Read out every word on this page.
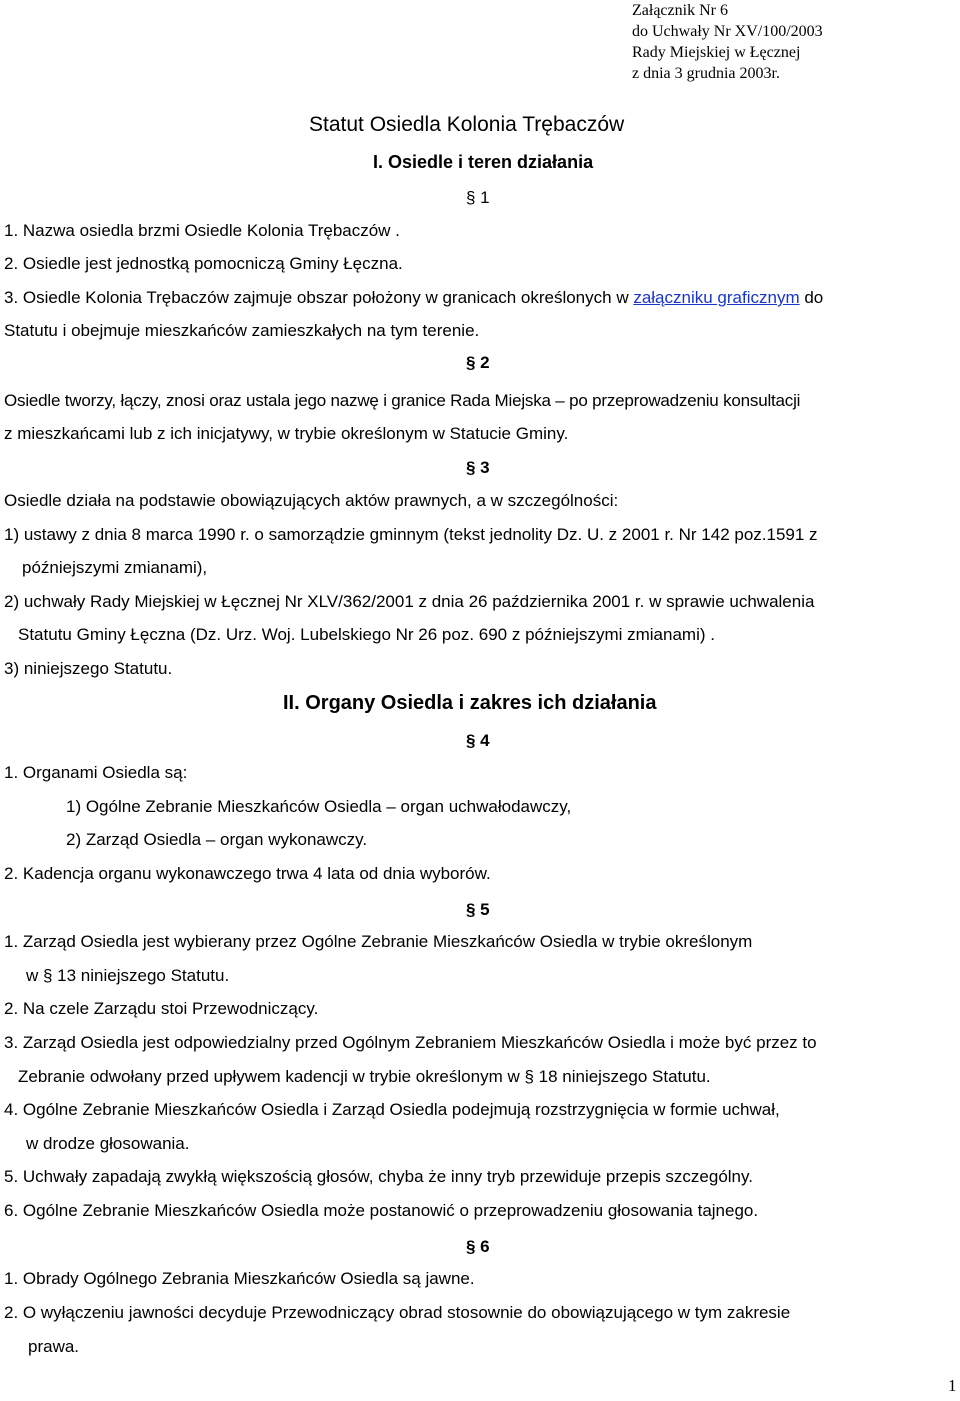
Załącznik Nr 6
do Uchwały Nr XV/100/2003
Rady Miejskiej w Łęcznej
z dnia 3 grudnia 2003r.
Statut Osiedla Kolonia Trębaczów
I. Osiedle i teren działania
§ 1
1. Nazwa osiedla brzmi Osiedle Kolonia Trębaczów .
2. Osiedle jest jednostką pomocniczą Gminy Łęczna.
3. Osiedle Kolonia Trębaczów zajmuje obszar położony w granicach określonych w załączniku graficznym do
Statutu i obejmuje mieszkańców zamieszkałych na tym terenie.
§ 2
Osiedle tworzy, łączy, znosi oraz ustala jego nazwę i granice Rada Miejska – po przeprowadzeniu konsultacji
z mieszkańcami lub z ich inicjatywy, w trybie określonym w Statucie Gminy.
§ 3
Osiedle działa na podstawie obowiązujących aktów prawnych, a w szczególności:
1) ustawy z dnia 8 marca 1990 r. o samorządzie gminnym (tekst jednolity Dz. U. z 2001 r. Nr 142 poz.1591 z
późniejszymi zmianami),
2) uchwały Rady Miejskiej w Łęcznej Nr XLV/362/2001 z dnia 26 października 2001 r. w sprawie uchwalenia
Statutu Gminy Łęczna (Dz. Urz. Woj. Lubelskiego Nr 26 poz. 690 z późniejszymi zmianami) .
3) niniejszego Statutu.
II. Organy Osiedla i zakres ich działania
§ 4
1. Organami Osiedla są:
1) Ogólne Zebranie Mieszkańców Osiedla – organ uchwałodawczy,
2) Zarząd Osiedla – organ wykonawczy.
2. Kadencja organu wykonawczego trwa 4 lata od dnia wyborów.
§ 5
1. Zarząd Osiedla jest wybierany przez Ogólne Zebranie Mieszkańców Osiedla w trybie określonym
w § 13 niniejszego Statutu.
2. Na czele Zarządu stoi Przewodniczący.
3. Zarząd Osiedla jest odpowiedzialny przed Ogólnym Zebraniem Mieszkańców Osiedla i może być przez to
Zebranie odwołany przed upływem kadencji w trybie określonym w § 18 niniejszego Statutu.
4. Ogólne Zebranie Mieszkańców Osiedla i Zarząd Osiedla podejmują rozstrzygnięcia w formie uchwał,
w drodze głosowania.
5. Uchwały zapadają zwykłą większością głosów, chyba że inny tryb przewiduje przepis szczególny.
6. Ogólne Zebranie Mieszkańców Osiedla może postanowić o przeprowadzeniu głosowania tajnego.
§ 6
1. Obrady Ogólnego Zebrania Mieszkańców Osiedla są jawne.
2. O wyłączeniu jawności decyduje Przewodniczący obrad stosownie do obowiązującego w tym zakresie
prawa.
1
